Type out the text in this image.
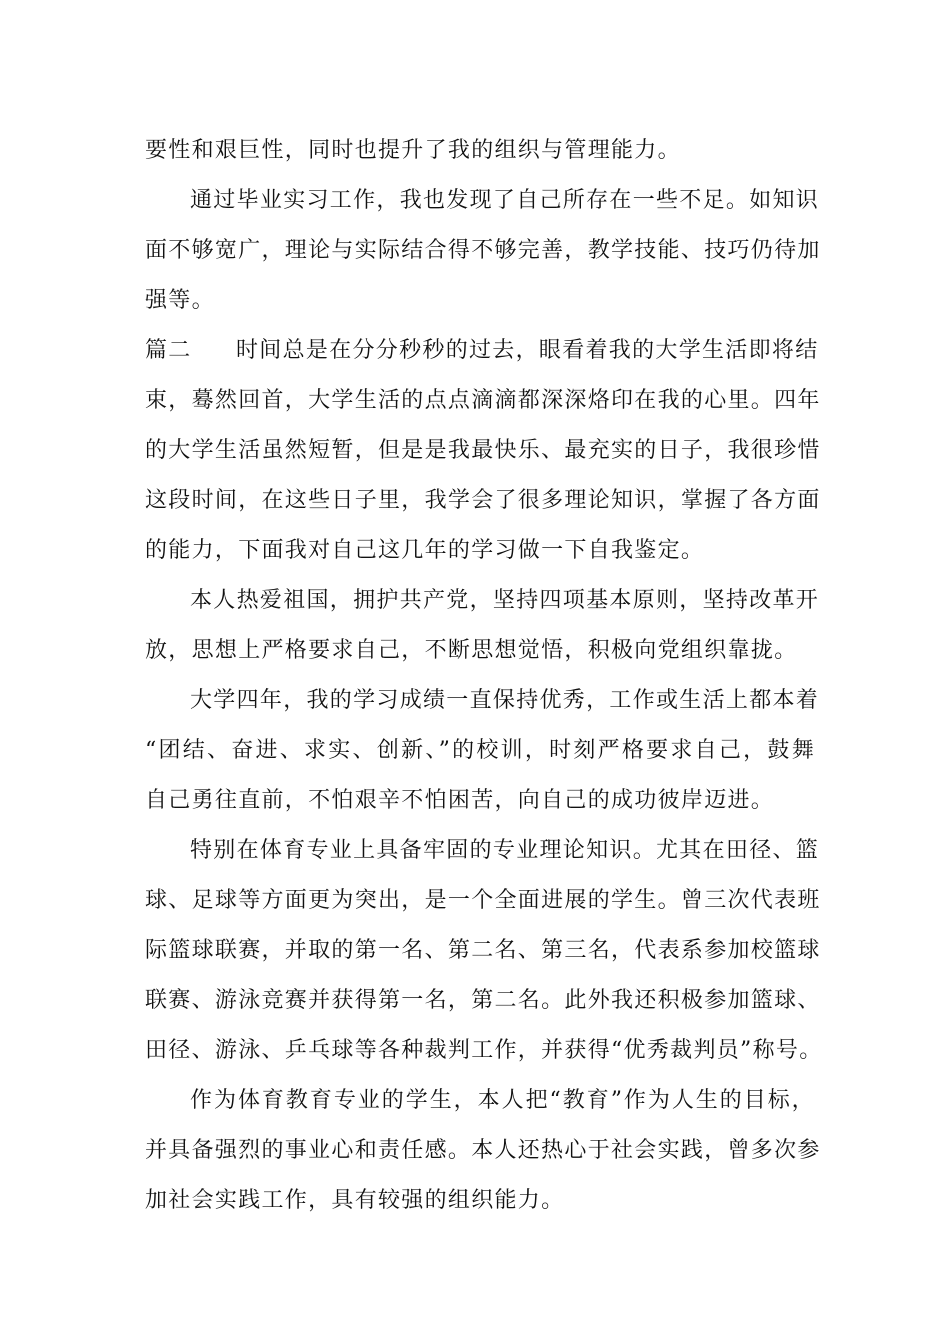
要性和艰巨性，同时也提升了我的组织与管理能力。
通过毕业实习工作，我也发现了自己所存在一些不足。如知识
面不够宽广，理论与实际结合得不够完善，教学技能、技巧仍待加
强等。
篇二 时间总是在分分秒秒的过去，眼看着我的大学生活即将结
束，蓦然回首，大学生活的点点滴滴都深深烙印在我的心里。四年
的大学生活虽然短暂，但是是我最快乐、最充实的日子，我很珍惜
这段时间，在这些日子里，我学会了很多理论知识，掌握了各方面
的能力，下面我对自己这几年的学习做一下自我鉴定。
本人热爱祖国，拥护共产党，坚持四项基本原则，坚持改革开
放，思想上严格要求自己，不断思想觉悟，积极向党组织靠拢。
大学四年，我的学习成绩一直保持优秀，工作或生活上都本着
“团结、奋进、求实、创新、”的校训，时刻严格要求自己，鼓舞
自己勇往直前，不怕艰辛不怕困苦，向自己的成功彼岸迈进。
特别在体育专业上具备牢固的专业理论知识。尤其在田径、篮
球、足球等方面更为突出，是一个全面进展的学生。曾三次代表班
际篮球联赛，并取的第一名、第二名、第三名，代表系参加校篮球
联赛、游泳竞赛并获得第一名，第二名。此外我还积极参加篮球、
田径、游泳、乒乓球等各种裁判工作，并获得“优秀裁判员”称号。
作为体育教育专业的学生，本人把“教育”作为人生的目标，
并具备强烈的事业心和责任感。本人还热心于社会实践，曾多次参
加社会实践工作，具有较强的组织能力。
